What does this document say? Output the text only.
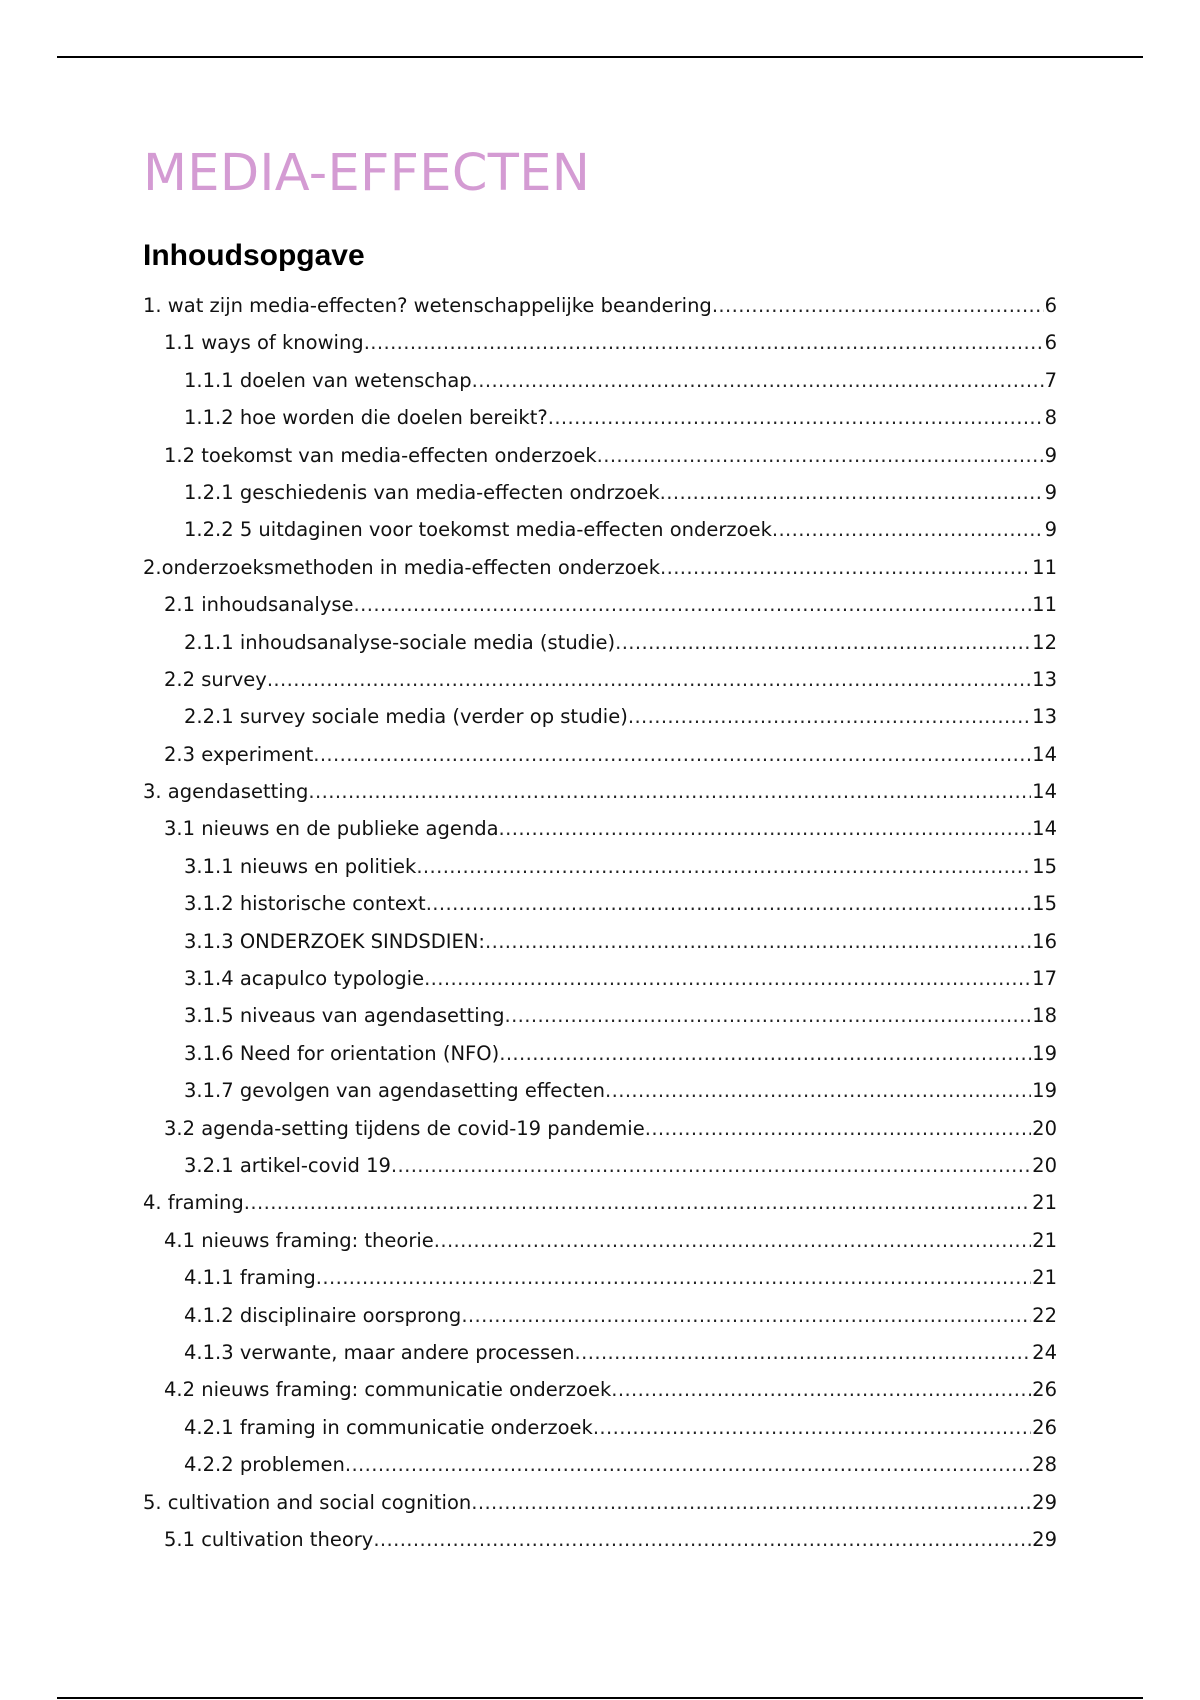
MEDIA-EFFECTEN
Inhoudsopgave
1. wat zijn media-effecten? wetenschappelijke beandering .....	6
1.1 ways of knowing .....	6
1.1.1 doelen van wetenschap .....	7
1.1.2 hoe worden die doelen bereikt? .....	8
1.2 toekomst van media-effecten onderzoek .....	9
1.2.1 geschiedenis van media-effecten ondrzoek .....	9
1.2.2 5 uitdaginen voor toekomst media-effecten onderzoek .....	9
2.onderzoeksmethoden in media-effecten onderzoek .....	11
2.1 inhoudsanalyse .....	11
2.1.1 inhoudsanalyse-sociale media (studie) .....	12
2.2 survey .....	13
2.2.1 survey sociale media (verder op studie) .....	13
2.3 experiment .....	14
3. agendasetting .....	14
3.1 nieuws en de publieke agenda .....	14
3.1.1 nieuws en politiek .....	15
3.1.2 historische context .....	15
3.1.3 ONDERZOEK SINDSDIEN: .....	16
3.1.4 acapulco typologie .....	17
3.1.5 niveaus van agendasetting .....	18
3.1.6 Need for orientation (NFO) .....	19
3.1.7 gevolgen van agendasetting effecten .....	19
3.2 agenda-setting tijdens de covid-19 pandemie .....	20
3.2.1 artikel-covid 19 .....	20
4. framing .....	21
4.1 nieuws framing: theorie .....	21
4.1.1 framing .....	21
4.1.2 disciplinaire oorsprong .....	22
4.1.3 verwante, maar andere processen .....	24
4.2 nieuws framing: communicatie onderzoek .....	26
4.2.1 framing in communicatie onderzoek .....	26
4.2.2 problemen .....	28
5. cultivation and social cognition .....	29
5.1 cultivation theory .....	29
